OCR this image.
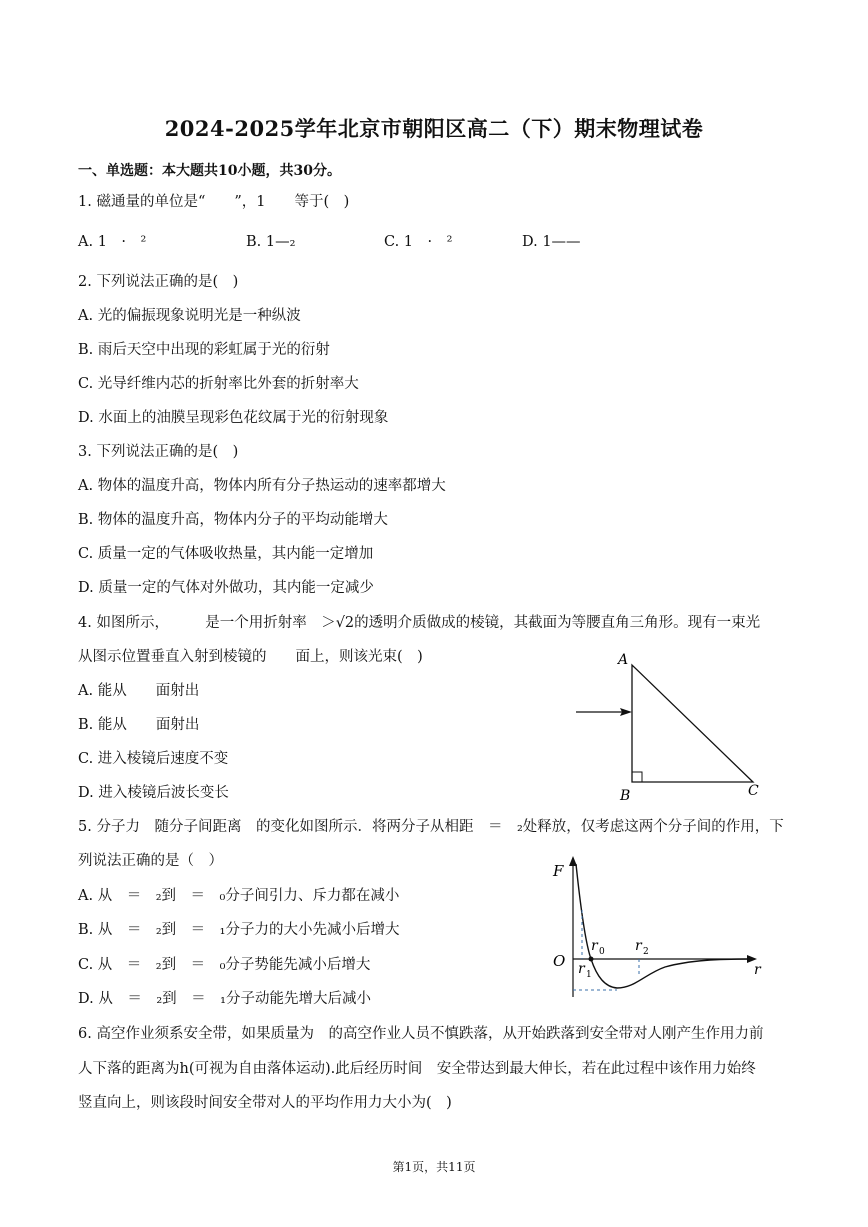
2024-2025学年北京市朝阳区高二（下）期末物理试卷
一、单选题：本大题共10小题，共30分。
1. 磁通量的单位是“　　”，1　　等于(　)
A. 1　·　²	B. 1—₂	C. 1　·　²	D. 1——
2. 下列说法正确的是(　)
A. 光的偏振现象说明光是一种纵波
B. 雨后天空中出现的彩虹属于光的衍射
C. 光导纤维内芯的折射率比外套的折射率大
D. 水面上的油膜呈现彩色花纹属于光的衍射现象
3. 下列说法正确的是(　)
A. 物体的温度升高，物体内所有分子热运动的速率都增大
B. 物体的温度升高，物体内分子的平均动能增大
C. 质量一定的气体吸收热量，其内能一定增加
D. 质量一定的气体对外做功，其内能一定减少
4. 如图所示，　　　是一个用折射率　＞√2的透明介质做成的棱镜，其截面为等腰直角三角形。现有一束光
从图示位置垂直入射到棱镜的　　面上，则该光束(　)
A. 能从　　面射出
B. 能从　　面射出
C. 进入棱镜后速度不变
D. 进入棱镜后波长变长
A
B	C
5. 分子力　随分子间距离　的变化如图所示．将两分子从相距　＝　₂处释放，仅考虑这两个分子间的作用，下
列说法正确的是（　）
A. 从　＝　₂到　＝　₀分子间引力、斥力都在减小
B. 从　＝　₂到　＝　₁分子力的大小先减小后增大
C. 从　＝　₂到　＝　₀分子势能先减小后增大
D. 从　＝　₂到　＝　₁分子动能先增大后减小
F
O	r
r 0
r 1
r 2
6. 高空作业须系安全带，如果质量为　的高空作业人员不慎跌落，从开始跌落到安全带对人刚产生作用力前
人下落的距离为h(可视为自由落体运动).此后经历时间　安全带达到最大伸长，若在此过程中该作用力始终
竖直向上，则该段时间安全带对人的平均作用力大小为(　)
第1页，共11页
